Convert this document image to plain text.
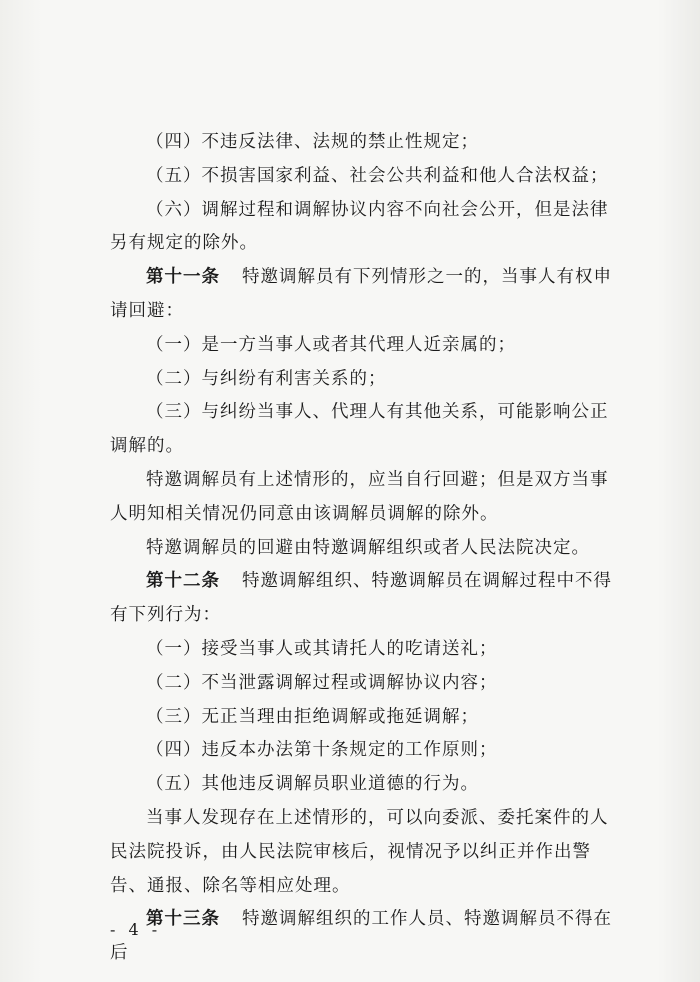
（四）不违反法律、法规的禁止性规定；

（五）不损害国家利益、社会公共利益和他人合法权益；

（六）调解过程和调解协议内容不向社会公开，但是法律另有规定的除外。

第十一条 特邀调解员有下列情形之一的，当事人有权申请回避：

（一）是一方当事人或者其代理人近亲属的；

（二）与纠纷有利害关系的；

（三）与纠纷当事人、代理人有其他关系，可能影响公正调解的。

特邀调解员有上述情形的，应当自行回避；但是双方当事人明知相关情况仍同意由该调解员调解的除外。

特邀调解员的回避由特邀调解组织或者人民法院决定。

第十二条 特邀调解组织、特邀调解员在调解过程中不得有下列行为：

（一）接受当事人或其请托人的吃请送礼；

（二）不当泄露调解过程或调解协议内容；

（三）无正当理由拒绝调解或拖延调解；

（四）违反本办法第十条规定的工作原则；

（五）其他违反调解员职业道德的行为。

当事人发现存在上述情形的，可以向委派、委托案件的人民法院投诉，由人民法院审核后，视情况予以纠正并作出警告、通报、除名等相应处理。

第十三条 特邀调解组织的工作人员、特邀调解员不得在后

- 4 -
